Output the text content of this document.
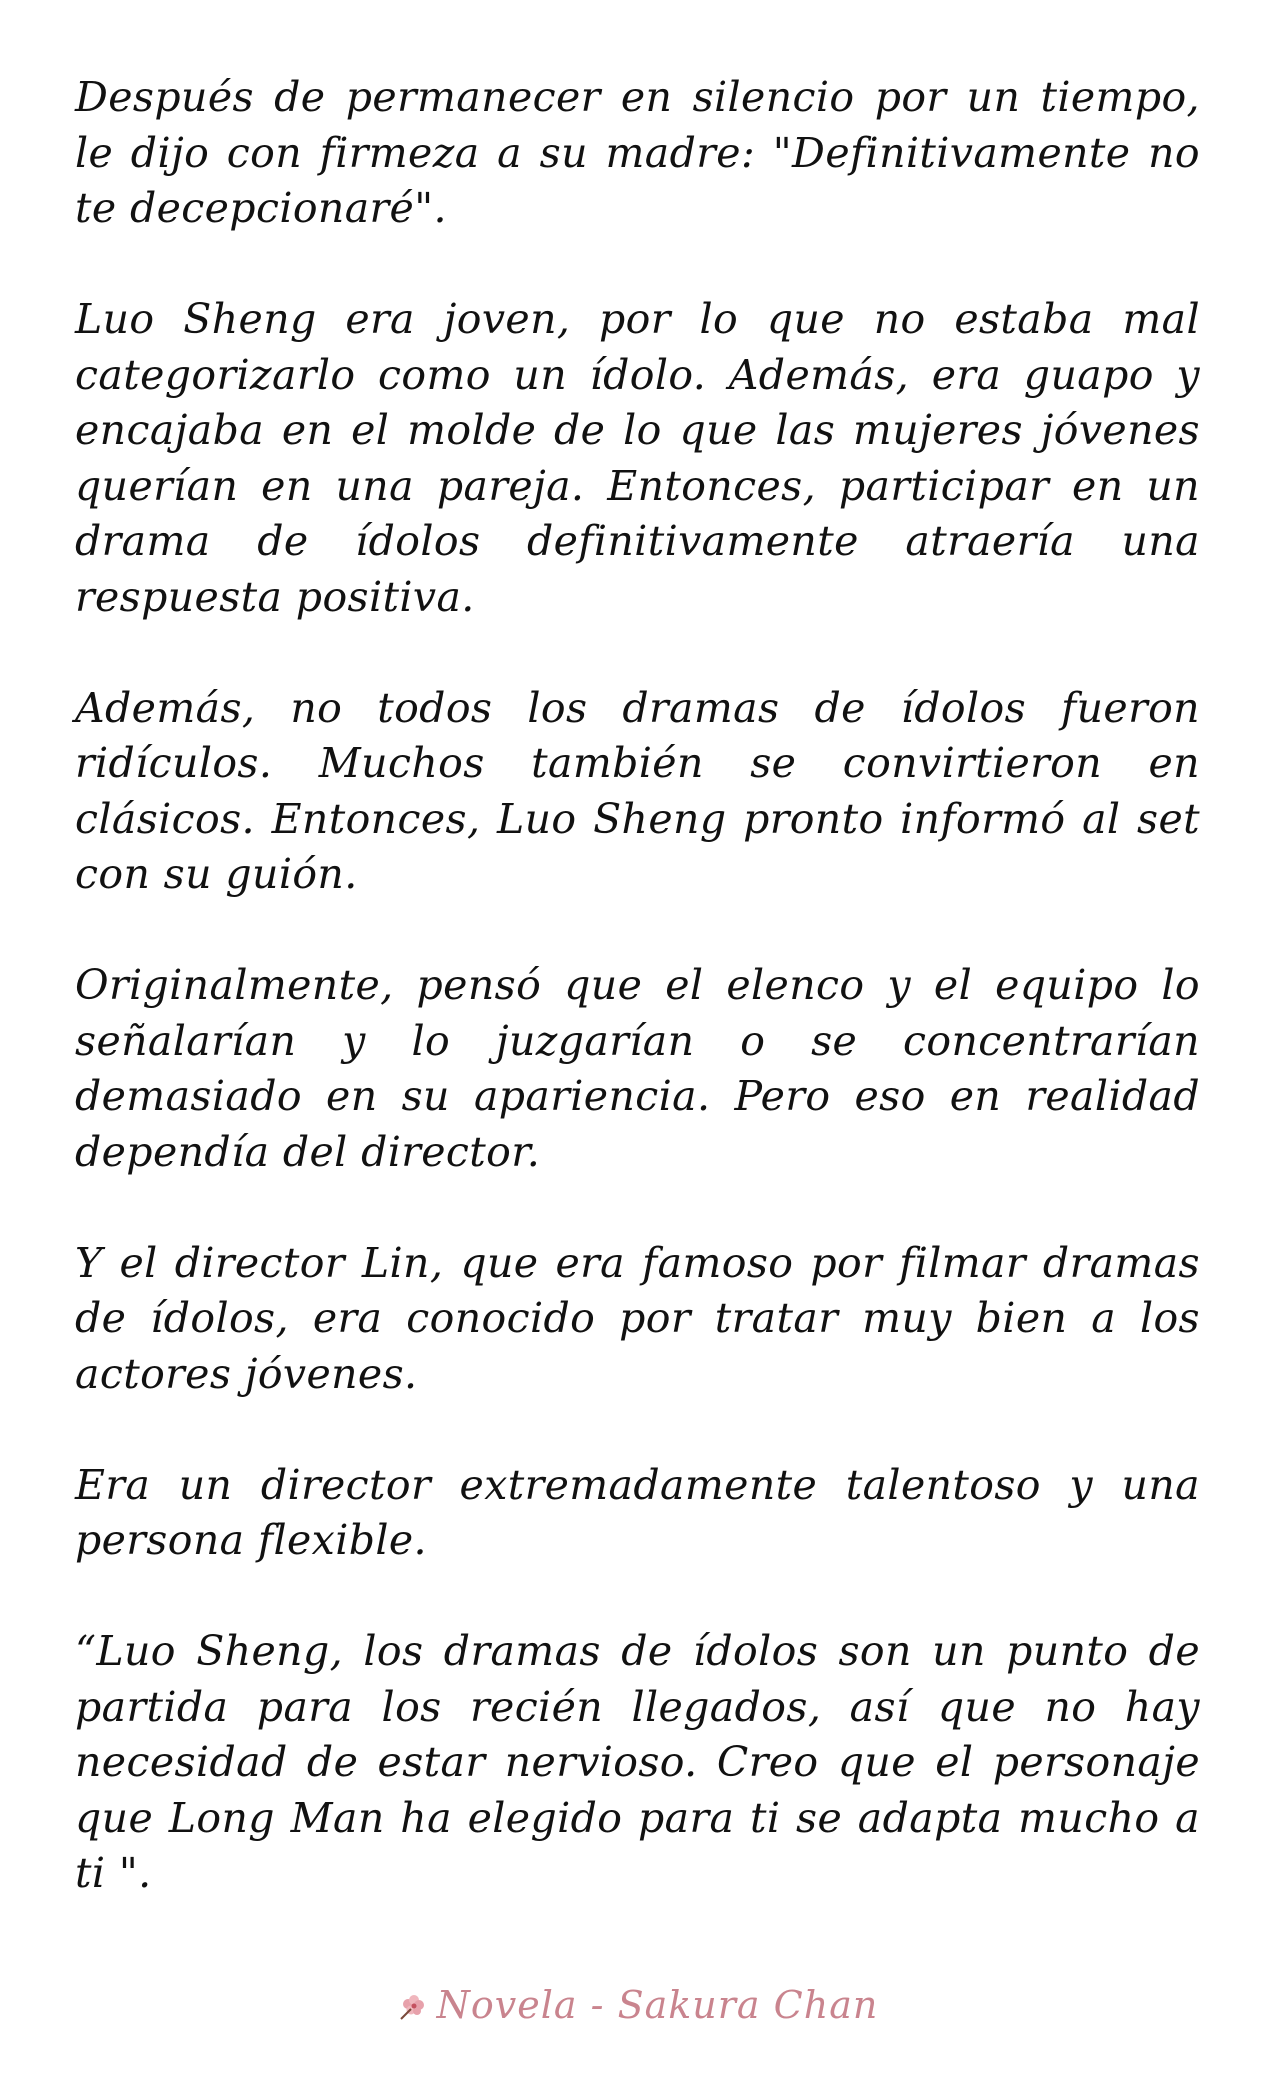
Después de permanecer en silencio por un tiempo, le dijo con firmeza a su madre: "Definitivamente no te decepcionaré".

Luo Sheng era joven, por lo que no estaba mal categorizarlo como un ídolo. Además, era guapo y encajaba en el molde de lo que las mujeres jóvenes querían en una pareja. Entonces, participar en un drama de ídolos definitivamente atraería una respuesta positiva.

Además, no todos los dramas de ídolos fueron ridículos. Muchos también se convirtieron en clásicos. Entonces, Luo Sheng pronto informó al set con su guión.

Originalmente, pensó que el elenco y el equipo lo señalarían y lo juzgarían o se concentrarían demasiado en su apariencia. Pero eso en realidad dependía del director.

Y el director Lin, que era famoso por filmar dramas de ídolos, era conocido por tratar muy bien a los actores jóvenes.

Era un director extremadamente talentoso y una persona flexible.

“Luo Sheng, los dramas de ídolos son un punto de partida para los recién llegados, así que no hay necesidad de estar nervioso. Creo que el personaje que Long Man ha elegido para ti se adapta mucho a ti ".

Novela - Sakura Chan
